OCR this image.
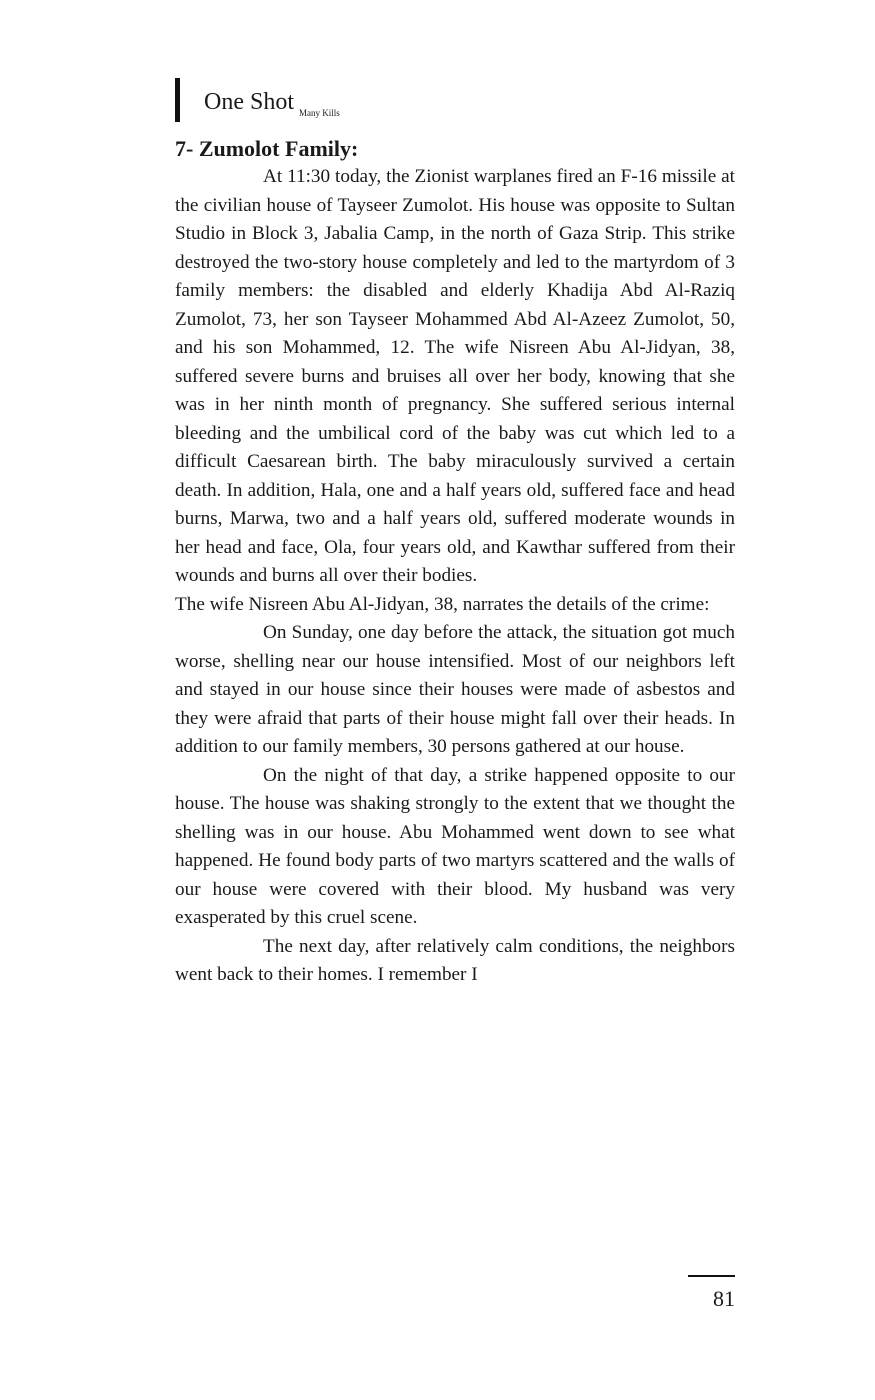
One Shot Many Kills
7- Zumolot Family:

At 11:30 today, the Zionist warplanes fired an F-16 missile at the civilian house of Tayseer Zumolot. His house was opposite to Sultan Studio in Block 3, Jabalia Camp, in the north of Gaza Strip. This strike destroyed the two-story house completely and led to the martyrdom of 3 family members: the disabled and elderly Khadija Abd Al-Raziq Zumolot, 73, her son Tayseer Mohammed Abd Al-Azeez Zumolot, 50, and his son Mohammed, 12. The wife Nisreen Abu Al-Jidyan, 38, suffered severe burns and bruises all over her body, knowing that she was in her ninth month of pregnancy. She suffered serious internal bleeding and the umbilical cord of the baby was cut which led to a difficult Caesarean birth. The baby miraculously survived a certain death. In addition, Hala, one and a half years old, suffered face and head burns, Marwa, two and a half years old, suffered moderate wounds in her head and face, Ola, four years old, and Kawthar suffered from their wounds and burns all over their bodies.

The wife Nisreen Abu Al-Jidyan, 38, narrates the details of the crime:

On Sunday, one day before the attack, the situation got much worse, shelling near our house intensified. Most of our neighbors left and stayed in our house since their houses were made of asbestos and they were afraid that parts of their house might fall over their heads. In addition to our family members, 30 persons gathered at our house.

On the night of that day, a strike happened opposite to our house. The house was shaking strongly to the extent that we thought the shelling was in our house. Abu Mohammed went down to see what happened. He found body parts of two martyrs scattered and the walls of our house were covered with their blood. My husband was very exasperated by this cruel scene.

The next day, after relatively calm conditions, the neighbors went back to their homes. I remember I

81
